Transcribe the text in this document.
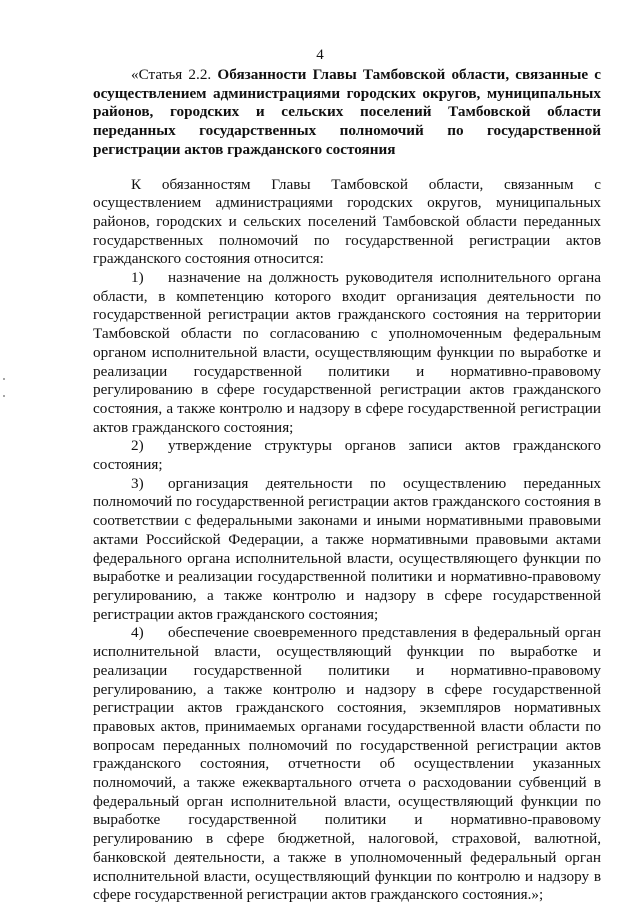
4

«Статья 2.2. Обязанности Главы Тамбовской области, связанные с осуществлением администрациями городских округов, муниципальных районов, городских и сельских поселений Тамбовской области переданных государственных полномочий по государственной регистрации актов гражданского состояния

К обязанностям Главы Тамбовской области, связанным с осуществлением администрациями городских округов, муниципальных районов, городских и сельских поселений Тамбовской области переданных государственных полномочий по государственной регистрации актов гражданского состояния относится:

1) назначение на должность руководителя исполнительного органа области, в компетенцию которого входит организация деятельности по государственной регистрации актов гражданского состояния на территории Тамбовской области по согласованию с уполномоченным федеральным органом исполнительной власти, осуществляющим функции по выработке и реализации государственной политики и нормативно-правовому регулированию в сфере государственной регистрации актов гражданского состояния, а также контролю и надзору в сфере государственной регистрации актов гражданского состояния;

2) утверждение структуры органов записи актов гражданского состояния;

3) организация деятельности по осуществлению переданных полномочий по государственной регистрации актов гражданского состояния в соответствии с федеральными законами и иными нормативными правовыми актами Российской Федерации, а также нормативными правовыми актами федерального органа исполнительной власти, осуществляющего функции по выработке и реализации государственной политики и нормативно-правовому регулированию, а также контролю и надзору в сфере государственной регистрации актов гражданского состояния;

4) обеспечение своевременного представления в федеральный орган исполнительной власти, осуществляющий функции по выработке и реализации государственной политики и нормативно-правовому регулированию, а также контролю и надзору в сфере государственной регистрации актов гражданского состояния, экземпляров нормативных правовых актов, принимаемых органами государственной власти области по вопросам переданных полномочий по государственной регистрации актов гражданского состояния, отчетности об осуществлении указанных полномочий, а также ежеквартального отчета о расходовании субвенций в федеральный орган исполнительной власти, осуществляющий функции по выработке государственной политики и нормативно-правовому регулированию в сфере бюджетной, налоговой, страховой, валютной, банковской деятельности, а также в уполномоченный федеральный орган исполнительной власти, осуществляющий функции по контролю и надзору в сфере государственной регистрации актов гражданского состояния.»;
